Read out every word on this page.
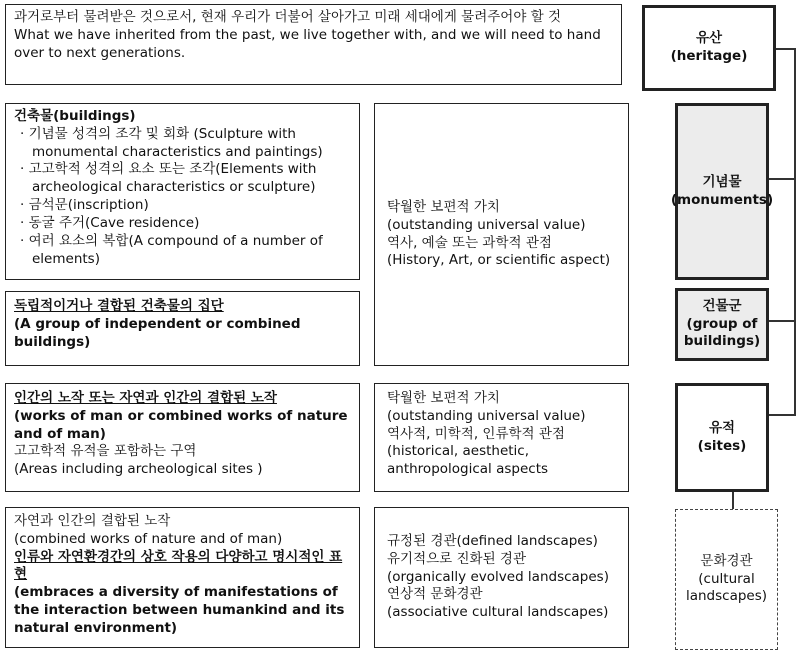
과거로부터 물려받은 것으로서, 현재 우리가 더불어 살아가고 미래 세대에게 물려주어야 할 것
What we have inherited from the past, we live together with, and we will need to hand over to next generations.
건축물(buildings)
· 기념물 성격의 조각 및 회화 (Sculpture with monumental characteristics and paintings)
· 고고학적 성격의 요소 또는 조각(Elements with archeological characteristics or sculpture)
· 금석문(inscription)
· 동굴 주거(Cave residence)
· 여러 요소의 복합(A compound of a number of elements)
독립적이거나 결합된 건축물의 집단
(A group of independent or combined buildings)
인간의 노작 또는 자연과 인간의 결합된 노작
(works of man or combined works of nature and of man)
고고학적 유적을 포함하는 구역
(Areas including archeological sites )
자연과 인간의 결합된 노작
(combined works of nature and of man)
인류와 자연환경간의 상호 작용의 다양하고 명시적인 표현
(embraces a diversity of manifestations of the interaction between humankind and its natural environment)
탁월한 보편적 가치
(outstanding universal value)
역사, 예술 또는 과학적 관점
(History, Art, or scientific aspect)
탁월한 보편적 가치
(outstanding universal value)
역사적, 미학적, 인류학적 관점
(historical, aesthetic, anthropological aspects
규정된 경관(defined landscapes)
유기적으로 진화된 경관
(organically evolved landscapes)
연상적 문화경관
(associative cultural landscapes)
유산
(heritage)
기념물
(monuments)
건물군
(group of buildings)
유적
(sites)
문화경관
(cultural landscapes)
